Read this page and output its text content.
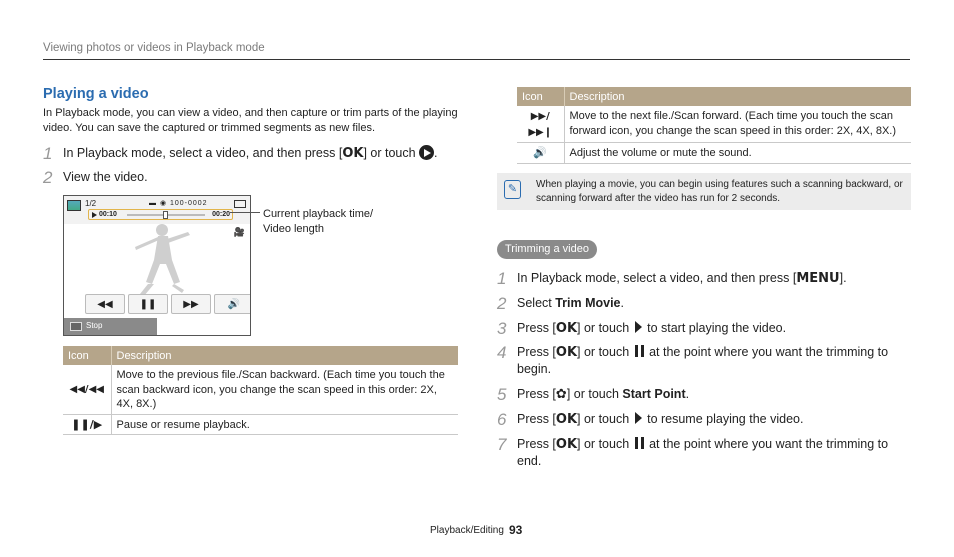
Viewing photos or videos in Playback mode
Playing a video
In Playback mode, you can view a video, and then capture or trim parts of the playing video. You can save the captured or trimmed segments as new files.
1 In Playback mode, select a video, and then press [OK] or touch .
2 View the video.
1/2	▬ ◉ 100-0002
00:10	00:20
🎥
◀◀	❚❚	▶▶	🔊
Stop
Current playback time/
Video length
Icon	Description
◀◀/◀◀	Move to the previous file./Scan backward. (Each time you touch the scan backward icon, you change the scan speed in this order: 2X, 4X, 8X.)
❚❚/▶	Pause or resume playback.
Icon	Description
▶▶/▶▶❙	Move to the next file./Scan forward. (Each time you touch the scan forward icon, you change the scan speed in this order: 2X, 4X, 8X.)
🔊	Adjust the volume or mute the sound.
✎	When playing a movie, you can begin using features such a scanning backward, or scanning forward after the video has run for 2 seconds.
Trimming a video
1 In Playback mode, select a video, and then press [MENU].
2 Select Trim Movie.
3 Press [OK] or touch  to start playing the video.
4 Press [OK] or touch  at the point where you want the trimming to begin.
5 Press [✿] or touch Start Point.
6 Press [OK] or touch  to resume playing the video.
7 Press [OK] or touch  at the point where you want the trimming to end.
Playback/Editing 93
